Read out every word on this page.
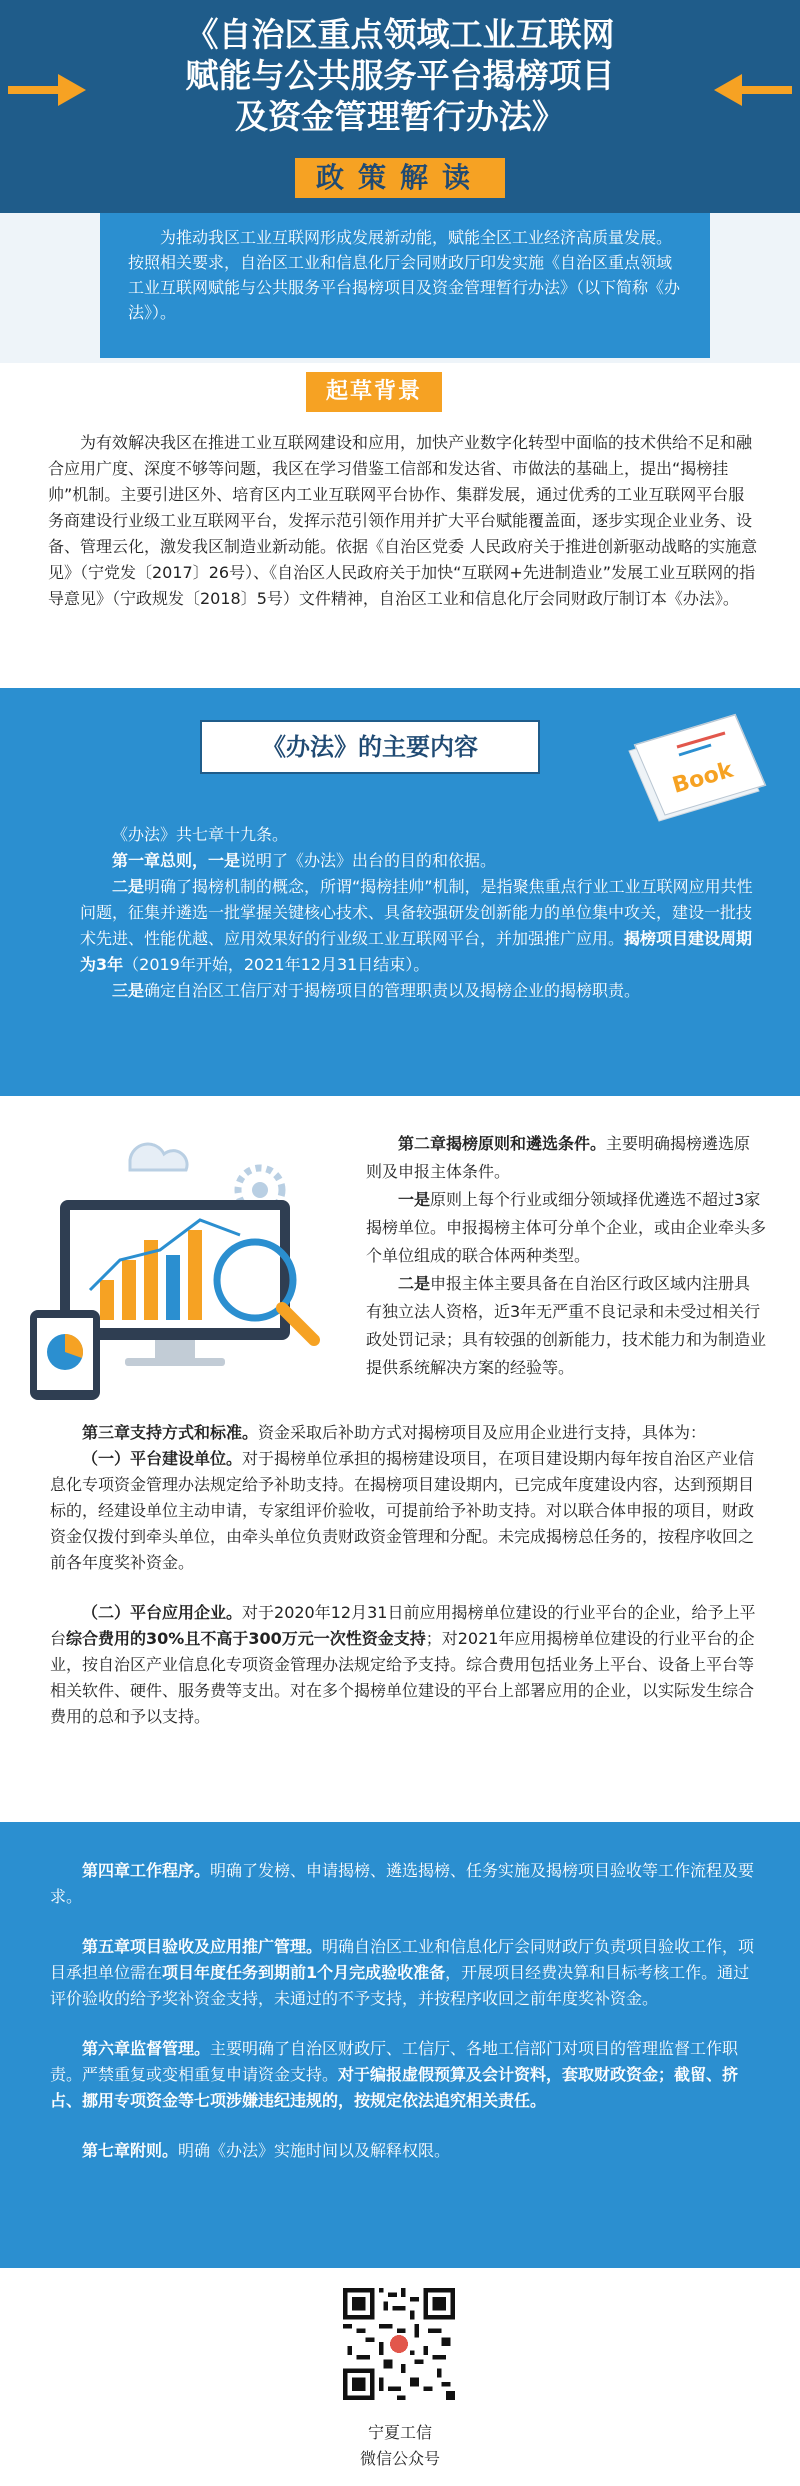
《自治区重点领域工业互联网
赋能与公共服务平台揭榜项目
及资金管理暂行办法》
政策解读

为推动我区工业互联网形成发展新动能，赋能全区工业经济高质量发展。按照相关要求，自治区工业和信息化厅会同财政厅印发实施《自治区重点领域工业互联网赋能与公共服务平台揭榜项目及资金管理暂行办法》（以下简称《办法》）。

起草背景

为有效解决我区在推进工业互联网建设和应用，加快产业数字化转型中面临的技术供给不足和融合应用广度、深度不够等问题，我区在学习借鉴工信部和发达省、市做法的基础上，提出“揭榜挂帅”机制。主要引进区外、培育区内工业互联网平台协作、集群发展，通过优秀的工业互联网平台服务商建设行业级工业互联网平台，发挥示范引领作用并扩大平台赋能覆盖面，逐步实现企业业务、设备、管理云化，激发我区制造业新动能。依据《自治区党委 人民政府关于推进创新驱动战略的实施意见》（宁党发〔2017〕26号）、《自治区人民政府关于加快“互联网+先进制造业”发展工业互联网的指导意见》（宁政规发〔2018〕5号）文件精神，自治区工业和信息化厅会同财政厅制订本《办法》。

《办法》的主要内容
Book

《办法》共七章十九条。

第一章总则，一是说明了《办法》出台的目的和依据。

二是明确了揭榜机制的概念，所谓“揭榜挂帅”机制，是指聚焦重点行业工业互联网应用共性问题，征集并遴选一批掌握关键核心技术、具备较强研发创新能力的单位集中攻关，建设一批技术先进、性能优越、应用效果好的行业级工业互联网平台，并加强推广应用。揭榜项目建设周期为3年（2019年开始，2021年12月31日结束）。

三是确定自治区工信厅对于揭榜项目的管理职责以及揭榜企业的揭榜职责。

第二章揭榜原则和遴选条件。主要明确揭榜遴选原则及申报主体条件。

一是原则上每个行业或细分领域择优遴选不超过3家揭榜单位。申报揭榜主体可分单个企业，或由企业牵头多个单位组成的联合体两种类型。

二是申报主体主要具备在自治区行政区域内注册具有独立法人资格，近3年无严重不良记录和未受过相关行政处罚记录；具有较强的创新能力，技术能力和为制造业提供系统解决方案的经验等。

第三章支持方式和标准。资金采取后补助方式对揭榜项目及应用企业进行支持，具体为：

（一）平台建设单位。对于揭榜单位承担的揭榜建设项目，在项目建设期内每年按自治区产业信息化专项资金管理办法规定给予补助支持。在揭榜项目建设期内，已完成年度建设内容，达到预期目标的，经建设单位主动申请，专家组评价验收，可提前给予补助支持。对以联合体申报的项目，财政资金仅拨付到牵头单位，由牵头单位负责财政资金管理和分配。未完成揭榜总任务的，按程序收回之前各年度奖补资金。

（二）平台应用企业。对于2020年12月31日前应用揭榜单位建设的行业平台的企业，给予上平台综合费用的30%且不高于300万元一次性资金支持；对2021年应用揭榜单位建设的行业平台的企业，按自治区产业信息化专项资金管理办法规定给予支持。综合费用包括业务上平台、设备上平台等相关软件、硬件、服务费等支出。对在多个揭榜单位建设的平台上部署应用的企业，以实际发生综合费用的总和予以支持。

第四章工作程序。明确了发榜、申请揭榜、遴选揭榜、任务实施及揭榜项目验收等工作流程及要求。

第五章项目验收及应用推广管理。明确自治区工业和信息化厅会同财政厅负责项目验收工作，项目承担单位需在项目年度任务到期前1个月完成验收准备，开展项目经费决算和目标考核工作。通过评价验收的给予奖补资金支持，未通过的不予支持，并按程序收回之前年度奖补资金。

第六章监督管理。主要明确了自治区财政厅、工信厅、各地工信部门对项目的管理监督工作职责。严禁重复或变相重复申请资金支持。对于编报虚假预算及会计资料，套取财政资金；截留、挤占、挪用专项资金等七项涉嫌违纪违规的，按规定依法追究相关责任。

第七章附则。明确《办法》实施时间以及解释权限。

宁夏工信
微信公众号
